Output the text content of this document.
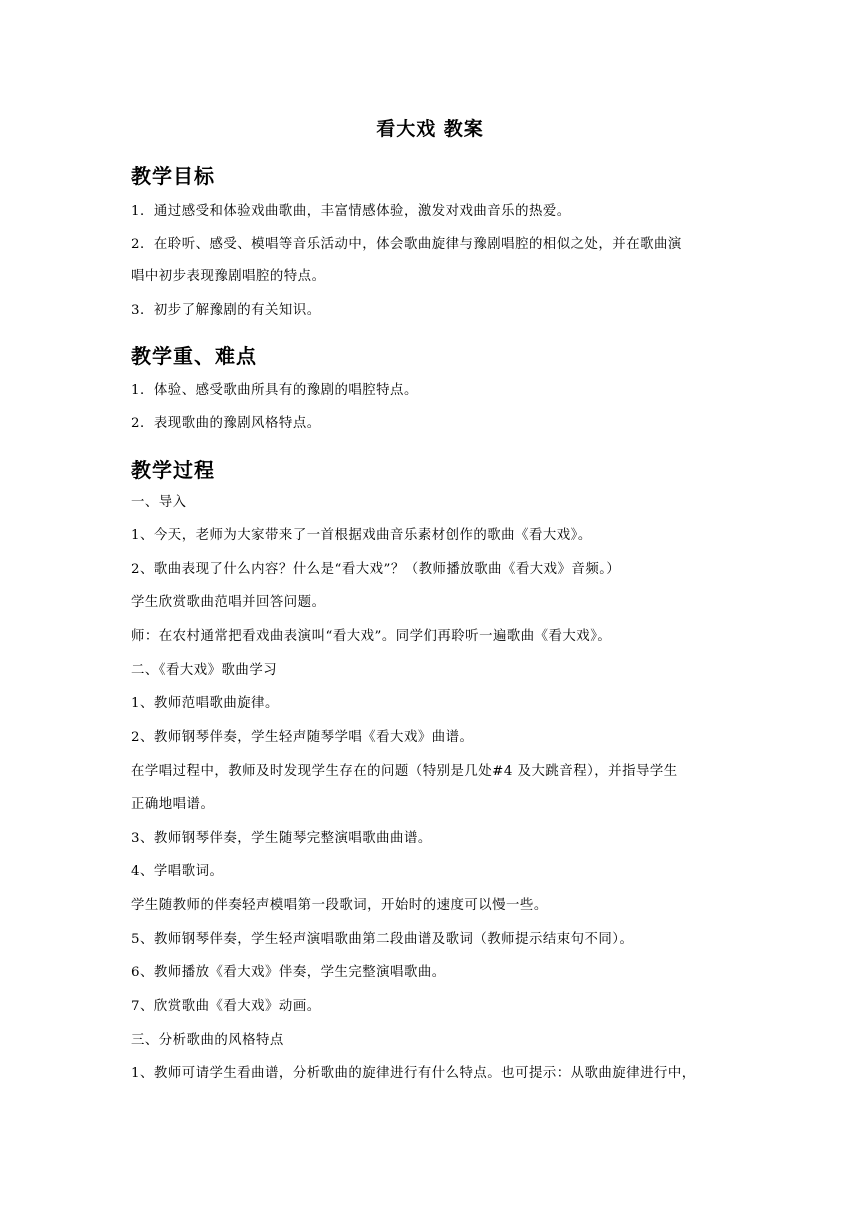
看大戏 教案
教学目标
1．通过感受和体验戏曲歌曲，丰富情感体验，激发对戏曲音乐的热爱。
2．在聆听、感受、模唱等音乐活动中，体会歌曲旋律与豫剧唱腔的相似之处，并在歌曲演
唱中初步表现豫剧唱腔的特点。
3．初步了解豫剧的有关知识。
教学重、难点
1．体验、感受歌曲所具有的豫剧的唱腔特点。
2．表现歌曲的豫剧风格特点。
教学过程
一、导入
1、今天，老师为大家带来了一首根据戏曲音乐素材创作的歌曲《看大戏》。
2、歌曲表现了什么内容？什么是“看大戏”？（教师播放歌曲《看大戏》音频。）
学生欣赏歌曲范唱并回答问题。
师：在农村通常把看戏曲表演叫“看大戏”。同学们再聆听一遍歌曲《看大戏》。
二、《看大戏》歌曲学习
1、教师范唱歌曲旋律。
2、教师钢琴伴奏，学生轻声随琴学唱《看大戏》曲谱。
在学唱过程中，教师及时发现学生存在的问题（特别是几处#4 及大跳音程），并指导学生
正确地唱谱。
3、教师钢琴伴奏，学生随琴完整演唱歌曲曲谱。
4、学唱歌词。
学生随教师的伴奏轻声模唱第一段歌词，开始时的速度可以慢一些。
5、教师钢琴伴奏，学生轻声演唱歌曲第二段曲谱及歌词（教师提示结束句不同）。
6、教师播放《看大戏》伴奏，学生完整演唱歌曲。
7、欣赏歌曲《看大戏》动画。
三、分析歌曲的风格特点
1、教师可请学生看曲谱，分析歌曲的旋律进行有什么特点。也可提示：从歌曲旋律进行中，
